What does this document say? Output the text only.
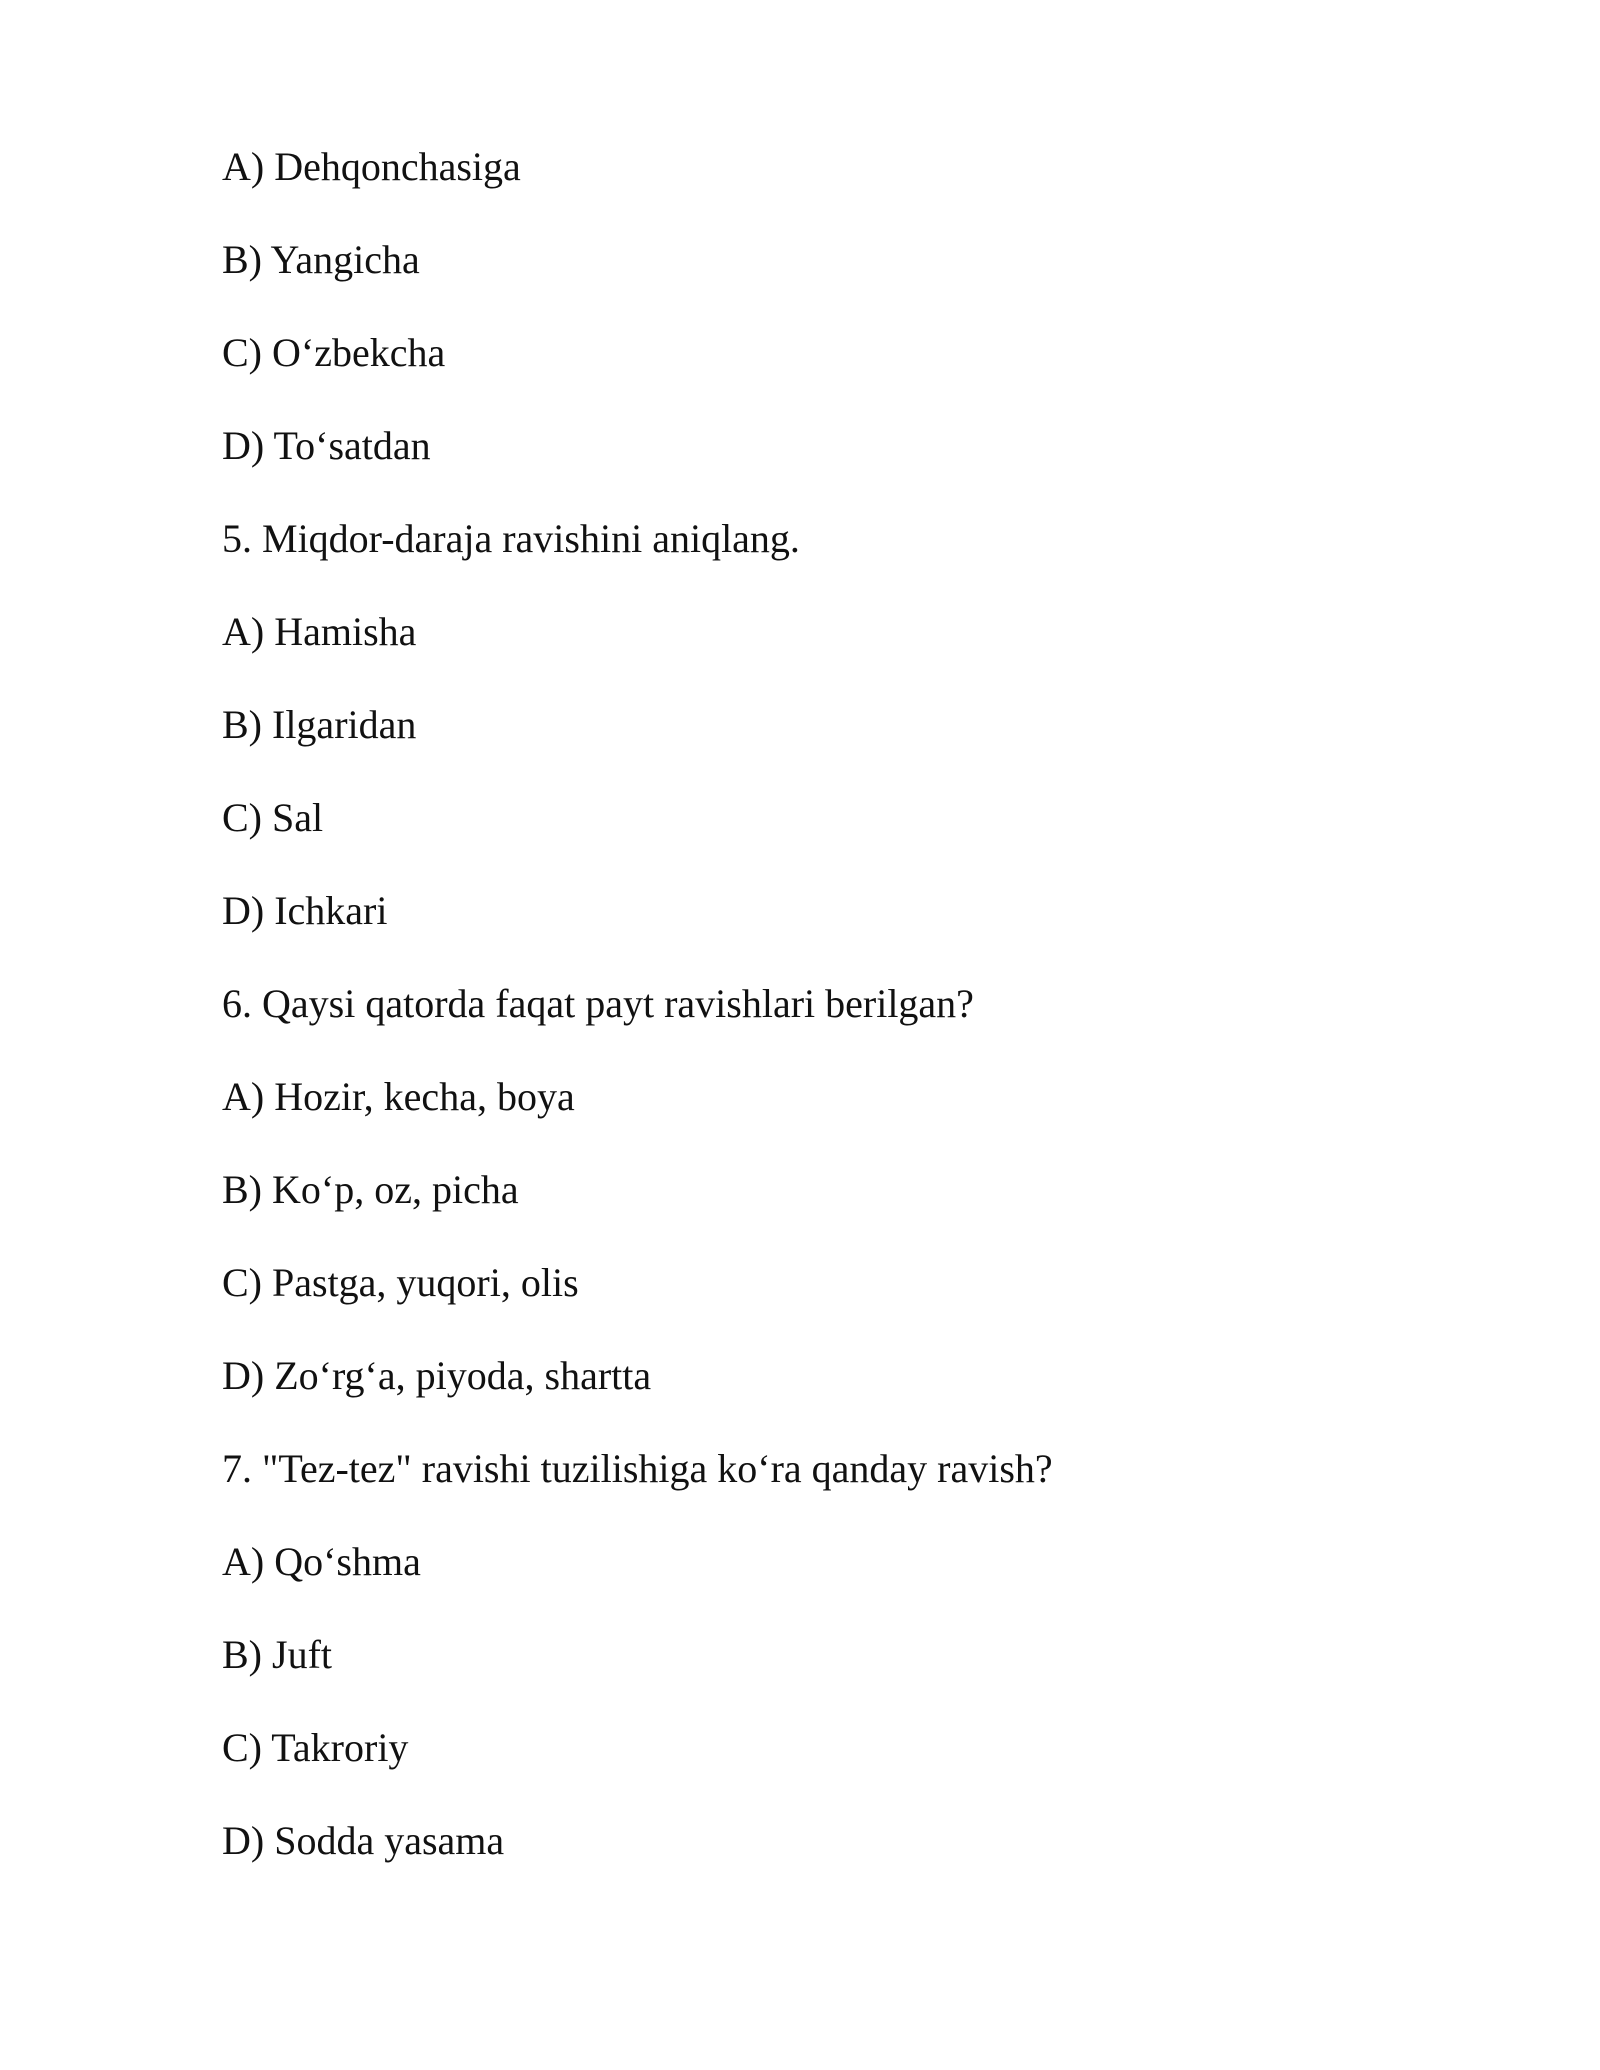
A) Dehqonchasiga
B) Yangicha
C) O‘zbekcha
D) To‘satdan
5. Miqdor-daraja ravishini aniqlang.
A) Hamisha
B) Ilgaridan
C) Sal
D) Ichkari
6. Qaysi qatorda faqat payt ravishlari berilgan?
A) Hozir, kecha, boya
B) Ko‘p, oz, picha
C) Pastga, yuqori, olis
D) Zo‘rg‘a, piyoda, shartta
7. "Tez-tez" ravishi tuzilishiga ko‘ra qanday ravish?
A) Qo‘shma
B) Juft
C) Takroriy
D) Sodda yasama
